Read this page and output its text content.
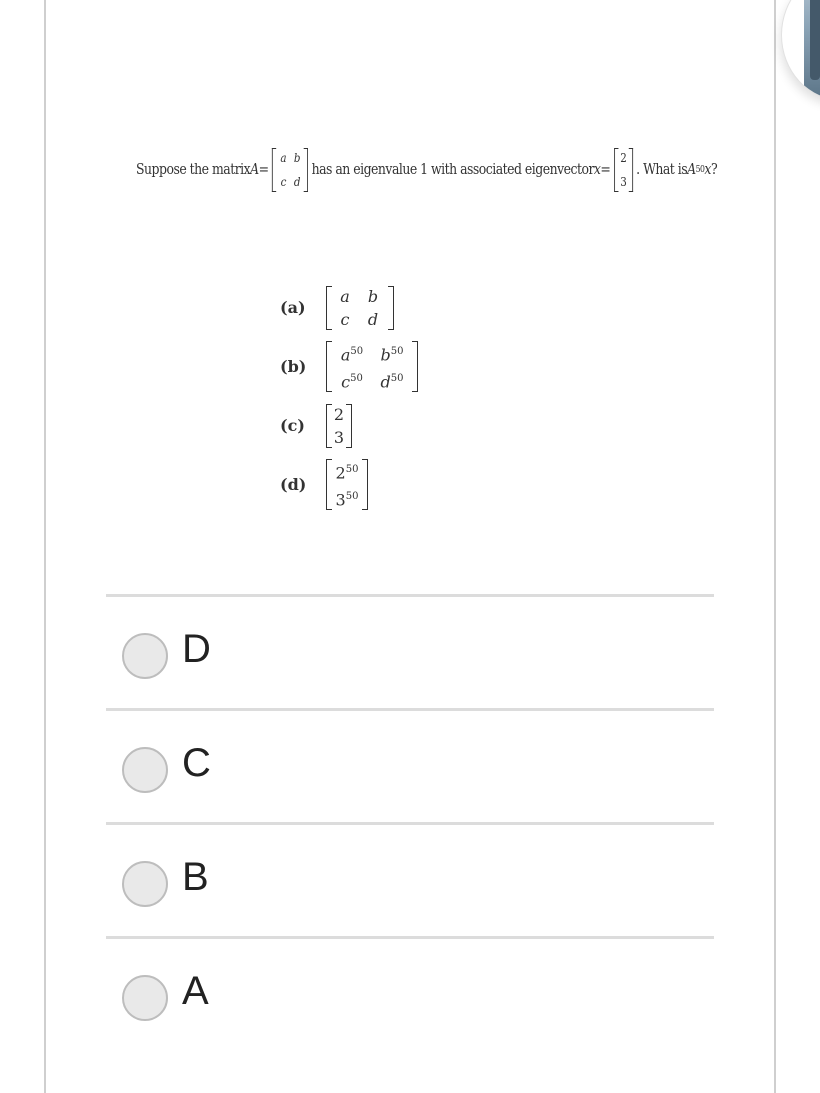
Suppose the matrix A =
a b
c d
has an eigenvalue 1 with associated eigenvector x =
2
3
. What is A 50 x ?
(a)
a	b
c	d
(b)
$a^{50}$	$b^{50}$
$c^{50}$	$d^{50}$
(c)
2
3
(d)
$2^{50}$
$3^{50}$
D
C
B
A
